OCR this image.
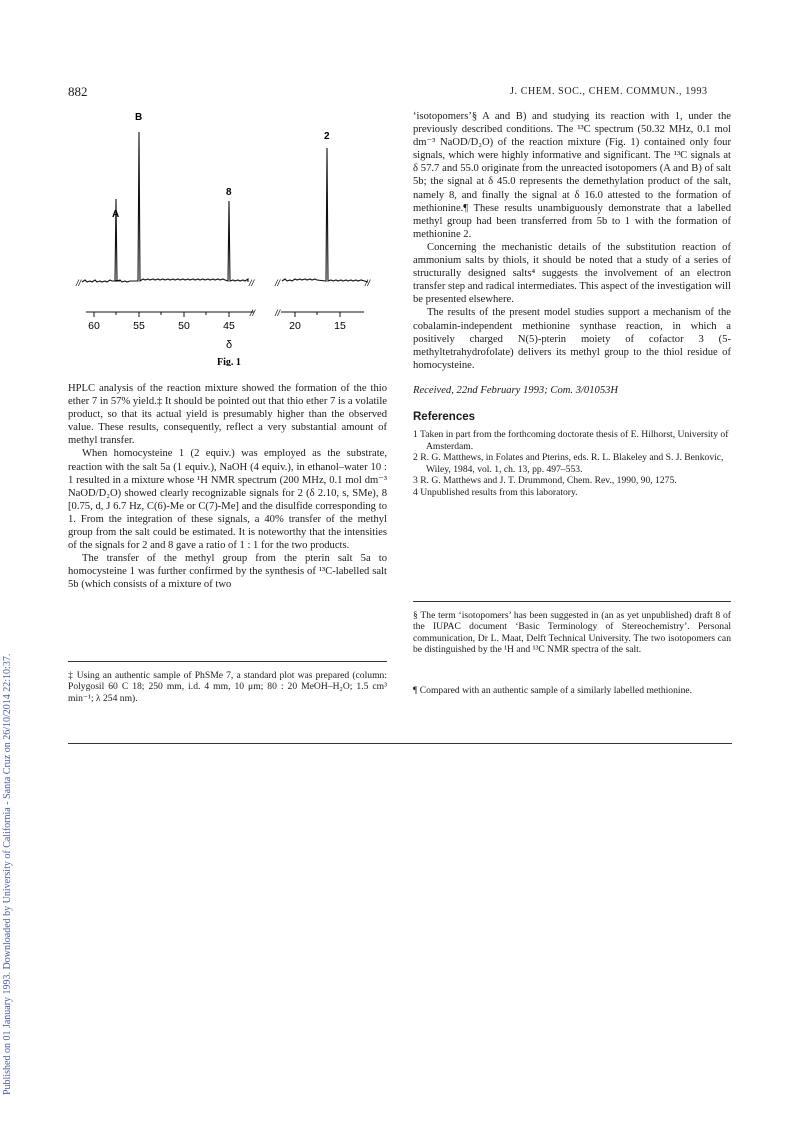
882	J. CHEM. SOC., CHEM. COMMUN., 1993
Published on 01 January 1993. Downloaded by University of California - Santa Cruz on 26/10/2014 22:10:37.
//	// //	//
A
B
8
2
// //
60	55	50	45	20	15
δ
Fig. 1

HPLC analysis of the reaction mixture showed the formation of the thio ether 7 in 57% yield.‡ It should be pointed out that thio ether 7 is a volatile product, so that its actual yield is presumably higher than the observed value. These results, consequently, reflect a very substantial amount of methyl transfer.

When homocysteine 1 (2 equiv.) was employed as the substrate, reaction with the salt 5a (1 equiv.), NaOH (4 equiv.), in ethanol–water 10 : 1 resulted in a mixture whose ¹H NMR spectrum (200 MHz, 0.1 mol dm⁻³ NaOD/D₂O) showed clearly recognizable signals for 2 (δ 2.10, s, SMe), 8 [0.75, d, J 6.7 Hz, C(6)-Me or C(7)-Me] and the disulfide corresponding to 1. From the integration of these signals, a 40% transfer of the methyl group from the salt could be estimated. It is noteworthy that the intensities of the signals for 2 and 8 gave a ratio of 1 : 1 for the two products.

The transfer of the methyl group from the pterin salt 5a to homocysteine 1 was further confirmed by the synthesis of ¹³C-labelled salt 5b (which consists of a mixture of two

‡ Using an authentic sample of PhSMe 7, a standard plot was prepared (column: Polygosil 60 C 18; 250 mm, i.d. 4 mm, 10 μm; 80 : 20 MeOH–H₂O; 1.5 cm³ min⁻¹; λ 254 nm).

‘isotopomers’§ A and B) and studying its reaction with 1, under the previously described conditions. The ¹³C spectrum (50.32 MHz, 0.1 mol dm⁻³ NaOD/D₂O) of the reaction mixture (Fig. 1) contained only four signals, which were highly informative and significant. The ¹³C signals at δ 57.7 and 55.0 originate from the unreacted isotopomers (A and B) of salt 5b; the signal at δ 45.0 represents the demethylation product of the salt, namely 8, and finally the signal at δ 16.0 attested to the formation of methionine.¶ These results unambiguously demonstrate that a labelled methyl group had been transferred from 5b to 1 with the formation of methionine 2.

Concerning the mechanistic details of the substitution reaction of ammonium salts by thiols, it should be noted that a study of a series of structurally designed salts⁴ suggests the involvement of an electron transfer step and radical intermediates. This aspect of the investigation will be presented elsewhere.

The results of the present model studies support a mechanism of the cobalamin-independent methionine synthase reaction, in which a positively charged N(5)-pterin moiety of cofactor 3 (5-methyltetrahydrofolate) delivers its methyl group to the thiol residue of homocysteine.

Received, 22nd February 1993; Com. 3/01053H

References

1 Taken in part from the forthcoming doctorate thesis of E. Hilhorst, University of Amsterdam.

2 R. G. Matthews, in Folates and Pterins, eds. R. L. Blakeley and S. J. Benkovic, Wiley, 1984, vol. 1, ch. 13, pp. 497–553.

3 R. G. Matthews and J. T. Drummond, Chem. Rev., 1990, 90, 1275.

4 Unpublished results from this laboratory.

§ The term ‘isotopomers’ has been suggested in (an as yet unpublished) draft 8 of the IUPAC document ‘Basic Terminology of Stereochemistry’. Personal communication, Dr L. Maat, Delft Technical University. The two isotopomers can be distinguished by the ¹H and ¹³C NMR spectra of the salt.
¶ Compared with an authentic sample of a similarly labelled methionine.
